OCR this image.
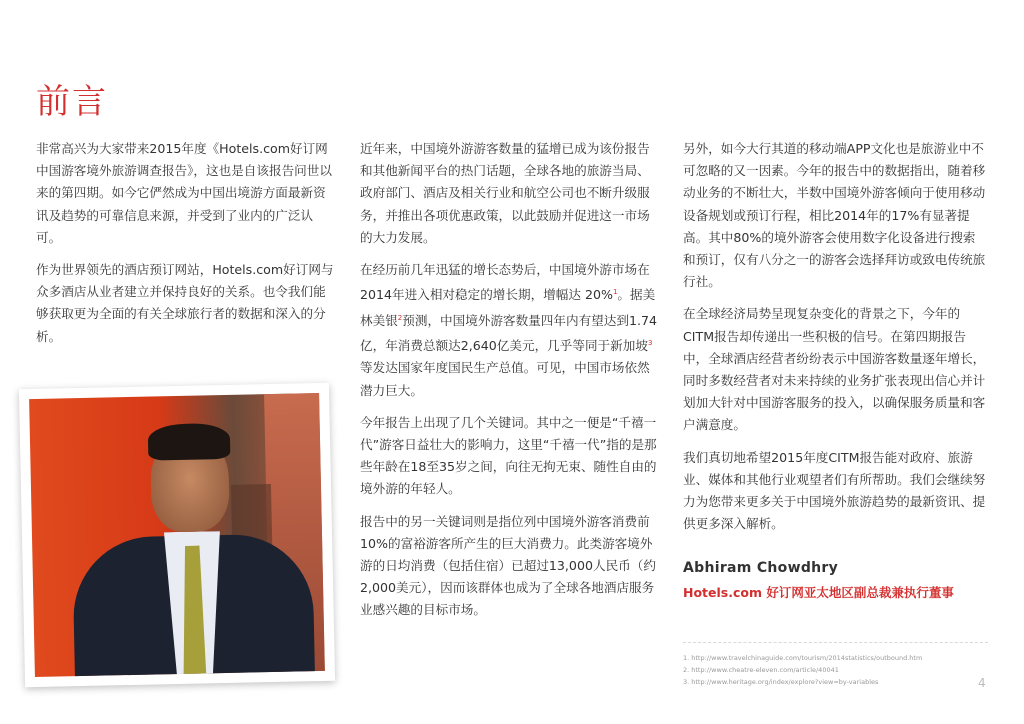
前言

非常高兴为大家带来2015年度《Hotels.com好订网中国游客境外旅游调查报告》，这也是自该报告问世以来的第四期。如今它俨然成为中国出境游方面最新资讯及趋势的可靠信息来源，并受到了业内的广泛认可。

作为世界领先的酒店预订网站，Hotels.com好订网与众多酒店从业者建立并保持良好的关系。也令我们能够获取更为全面的有关全球旅行者的数据和深入的分析。

近年来，中国境外游游客数量的猛增已成为该份报告和其他新闻平台的热门话题，全球各地的旅游当局、政府部门、酒店及相关行业和航空公司也不断升级服务，并推出各项优惠政策，以此鼓励并促进这一市场的大力发展。

在经历前几年迅猛的增长态势后，中国境外游市场在2014年进入相对稳定的增长期，增幅达 20%$^1$。据美林美银$^2$预测，中国境外游客数量四年内有望达到1.74亿，年消费总额达2,640亿美元，几乎等同于新加坡$^3$等发达国家年度国民生产总值。可见，中国市场依然潜力巨大。

今年报告上出现了几个关键词。其中之一便是“千禧一代”游客日益壮大的影响力，这里“千禧一代”指的是那些年龄在18至35岁之间，向往无拘无束、随性自由的境外游的年轻人。

报告中的另一关键词则是指位列中国境外游客消费前10%的富裕游客所产生的巨大消费力。此类游客境外游的日均消费（包括住宿）已超过13,000人民币（约2,000美元），因而该群体也成为了全球各地酒店服务业感兴趣的目标市场。

另外，如今大行其道的移动端APP文化也是旅游业中不可忽略的又一因素。今年的报告中的数据指出，随着移动业务的不断壮大，半数中国境外游客倾向于使用移动设备规划或预订行程，相比2014年的17%有显著提高。其中80%的境外游客会使用数字化设备进行搜索和预订，仅有八分之一的游客会选择拜访或致电传统旅行社。

在全球经济局势呈现复杂变化的背景之下，今年的CITM报告却传递出一些积极的信号。在第四期报告中，全球酒店经营者纷纷表示中国游客数量逐年增长，同时多数经营者对未来持续的业务扩张表现出信心并计划加大针对中国游客服务的投入，以确保服务质量和客户满意度。

我们真切地希望2015年度CITM报告能对政府、旅游业、媒体和其他行业观望者们有所帮助。我们会继续努力为您带来更多关于中国境外旅游趋势的最新资讯、提供更多深入解析。

Abhiram Chowdhry
Hotels.com 好订网亚太地区副总裁兼执行董事
1. http://www.travelchinaguide.com/tourism/2014statistics/outbound.htm
2. http://www.cheatre-eleven.com/article/40041
3. http://www.heritage.org/index/explore?view=by-variables	4
